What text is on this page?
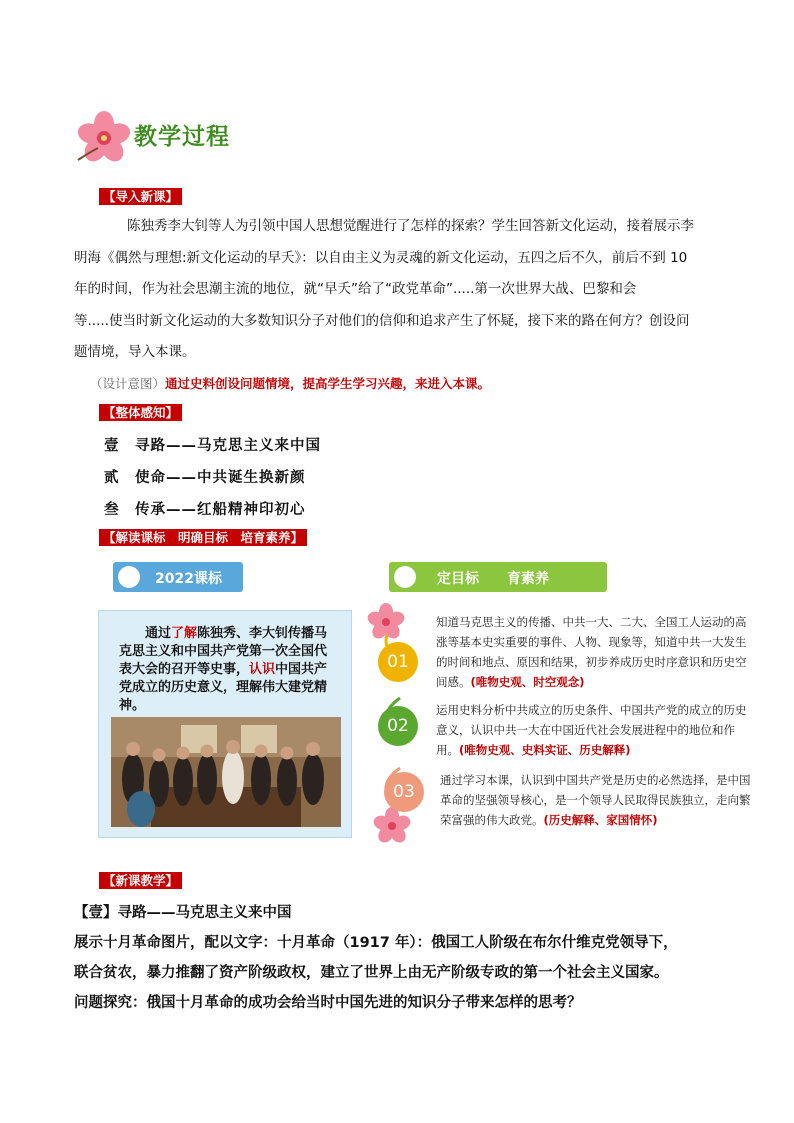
教学过程
【导入新课】
陈独秀李大钊等人为引领中国人思想觉醒进行了怎样的探索？学生回答新文化运动，接着展示李
明海《偶然与理想:新文化运动的早夭》：以自由主义为灵魂的新文化运动，五四之后不久，前后不到 10
年的时间，作为社会思潮主流的地位，就“早夭”给了“政党革命”.....第一次世界大战、巴黎和会
等.....使当时新文化运动的大多数知识分子对他们的信仰和追求产生了怀疑，接下来的路在何方？创设问
题情境，导入本课。
（设计意图）通过史料创设问题情境，提高学生学习兴趣，来进入本课。
【整体感知】
壹　寻路——马克思主义来中国
贰　使命——中共诞生换新颜
叁　传承——红船精神印初心
【解读课标　明确目标　培育素养】
2022课标	定目标　　育素养
通过了解陈独秀、李大钊传播马克思主义和中国共产党第一次全国代表大会的召开等史事，认识中国共产党成立的历史意义，理解伟大建党精神。
01
知道马克思主义的传播、中共一大、二大、全国工人运动的高涨等基本史实重要的事件、人物、现象等，知道中共一大发生的时间和地点、原因和结果，初步养成历史时序意识和历史空间感。(唯物史观、时空观念)
02
运用史料分析中共成立的历史条件、中国共产党的成立的历史意义，认识中共一大在中国近代社会发展进程中的地位和作用。(唯物史观、史料实证、历史解释)
03
通过学习本课，认识到中国共产党是历史的必然选择，是中国革命的坚强领导核心，是一个领导人民取得民族独立，走向繁荣富强的伟大政党。(历史解释、家国情怀)
【新课教学】
【壹】寻路——马克思主义来中国
展示十月革命图片，配以文字：十月革命（1917 年）：俄国工人阶级在布尔什维克党领导下，
联合贫农，暴力推翻了资产阶级政权，建立了世界上由无产阶级专政的第一个社会主义国家。
问题探究：俄国十月革命的成功会给当时中国先进的知识分子带来怎样的思考？
